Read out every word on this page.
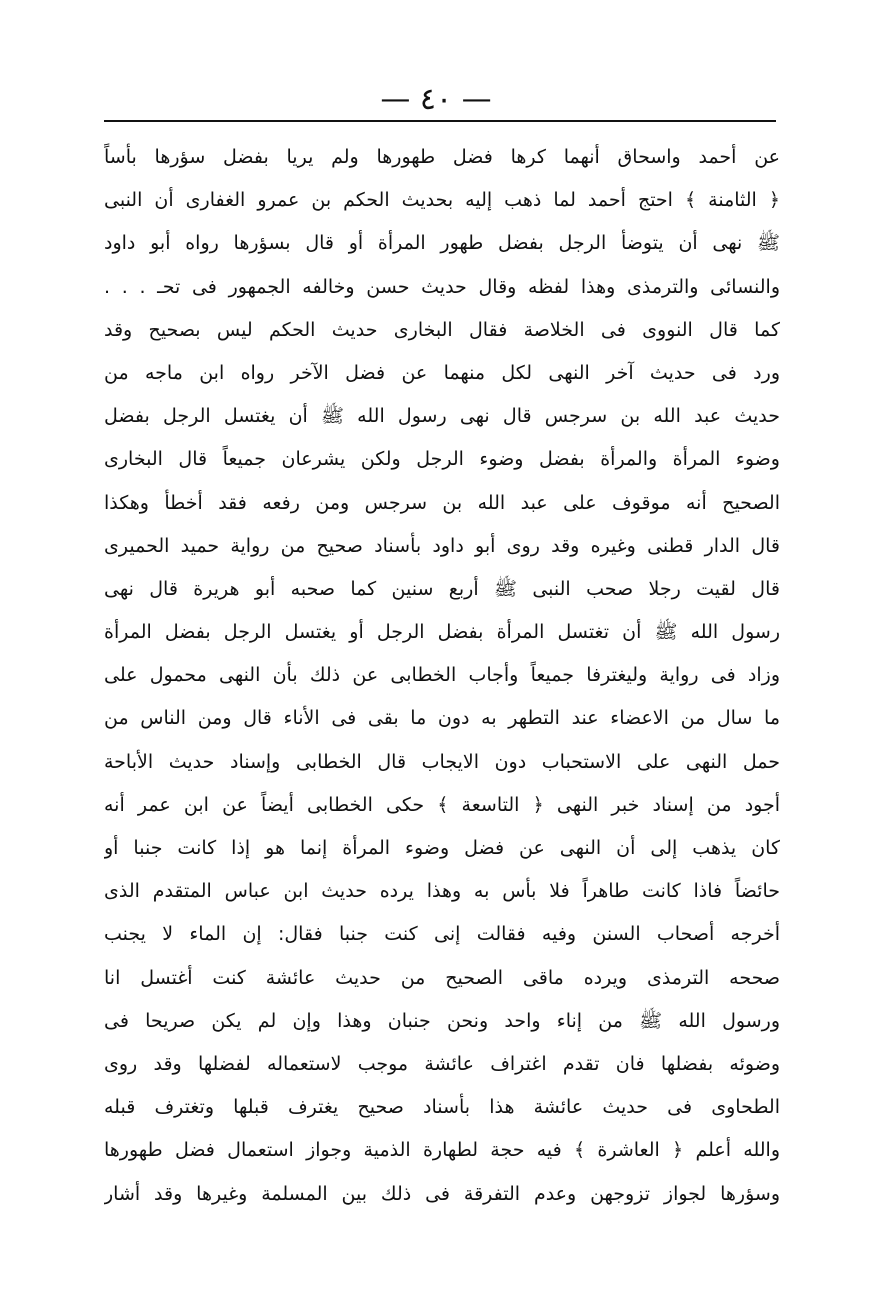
— ٤٠ —
عن أحمد واسحاق أنهما كرها فضل طهورها ولم يريا بفضل سؤرها بأساً
﴿ الثامنة ﴾ احتج أحمد لما ذهب إليه بحديث الحكم بن عمرو الغفارى أن النبى
ﷺ نهى أن يتوضأ الرجل بفضل طهور المرأة أو قال بسؤرها رواه أبو داود
والنسائى والترمذى وهذا لفظه وقال حديث حسن وخالفه الجمهور فى تحـ . . .
كما قال النووى فى الخلاصة فقال البخارى حديث الحكم ليس بصحيح وقد
ورد فى حديث آخر النهى لكل منهما عن فضل الآخر رواه ابن ماجه من
حديث عبد الله بن سرجس قال نهى رسول الله ﷺ أن يغتسل الرجل بفضل
وضوء المرأة والمرأة بفضل وضوء الرجل ولكن يشرعان جميعاً قال البخارى
الصحيح أنه موقوف على عبد الله بن سرجس ومن رفعه فقد أخطأ وهكذا
قال الدار قطنى وغيره وقد روى أبو داود بأسناد صحيح من رواية حميد الحميرى
قال لقيت رجلا صحب النبى ﷺ أربع سنين كما صحبه أبو هريرة قال نهى
رسول الله ﷺ أن تغتسل المرأة بفضل الرجل أو يغتسل الرجل بفضل المرأة
وزاد فى رواية وليغترفا جميعاً وأجاب الخطابى عن ذلك بأن النهى محمول على
ما سال من الاعضاء عند التطهر به دون ما بقى فى الأناء قال ومن الناس من
حمل النهى على الاستحباب دون الايجاب قال الخطابى وإسناد حديث الأباحة
أجود من إسناد خبر النهى ﴿ التاسعة ﴾ حكى الخطابى أيضاً عن ابن عمر أنه
كان يذهب إلى أن النهى عن فضل وضوء المرأة إنما هو إذا كانت جنبا أو
حائضاً فاذا كانت طاهراً فلا بأس به وهذا يرده حديث ابن عباس المتقدم الذى
أخرجه أصحاب السنن وفيه فقالت إنى كنت جنبا فقال: إن الماء لا يجنب
صححه الترمذى ويرده ماقى الصحيح من حديث عائشة كنت أغتسل انا
ورسول الله ﷺ من إناء واحد ونحن جنبان وهذا وإن لم يكن صريحا فى
وضوئه بفضلها فان تقدم اغتراف عائشة موجب لاستعماله لفضلها وقد روى
الطحاوى فى حديث عائشة هذا بأسناد صحيح يغترف قبلها وتغترف قبله
والله أعلم ﴿ العاشرة ﴾ فيه حجة لطهارة الذمية وجواز استعمال فضل طهورها
وسؤرها لجواز تزوجهن وعدم التفرقة فى ذلك بين المسلمة وغيرها وقد أشار
